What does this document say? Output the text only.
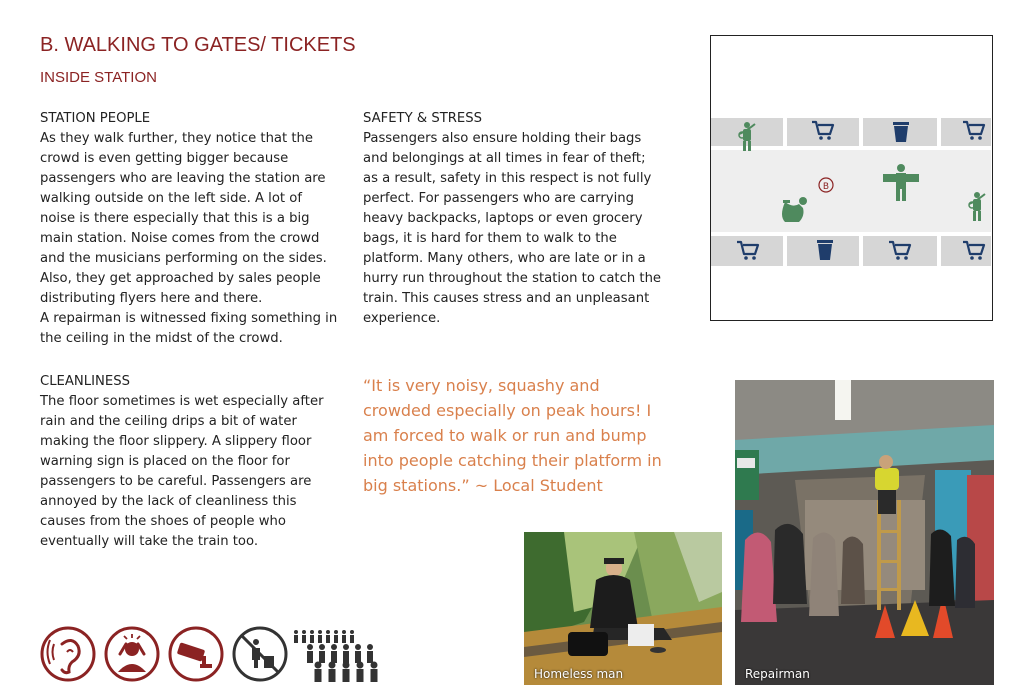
B. WALKING TO GATES/ TICKETS
INSIDE STATION
STATION PEOPLE
As they walk further, they notice that the crowd is even getting bigger because passengers who are leaving the station are walking outside on the left side. A lot of noise is there especially that this is a big main station. Noise comes from the crowd and the musicians performing on the sides. Also, they get approached by sales people distributing flyers here and there.
A repairman is witnessed fixing something in the ceiling in the midst of the crowd.
CLEANLINESS
The floor sometimes is wet especially after rain and the ceiling drips a bit of water making the floor slippery. A slippery floor warning sign is placed on the floor for passengers to be careful. Passengers are annoyed by the lack of cleanliness this causes from the shoes of people who eventually will take the train too.
SAFETY & STRESS
Passengers also ensure holding their bags and belongings at all times in fear of theft; as a result, safety in this respect is not fully perfect. For passengers who are carrying heavy backpacks, laptops or even grocery bags, it is hard for them to walk to the platform. Many others, who are late or in a hurry run throughout the station to catch the train. This causes stress and an unpleasant experience.
“It is very noisy, squashy and crowded especially on peak hours! I am forced to walk or run and bump into people catching their platform in big stations.” ~ Local Student
B
Homeless man	Repairman
